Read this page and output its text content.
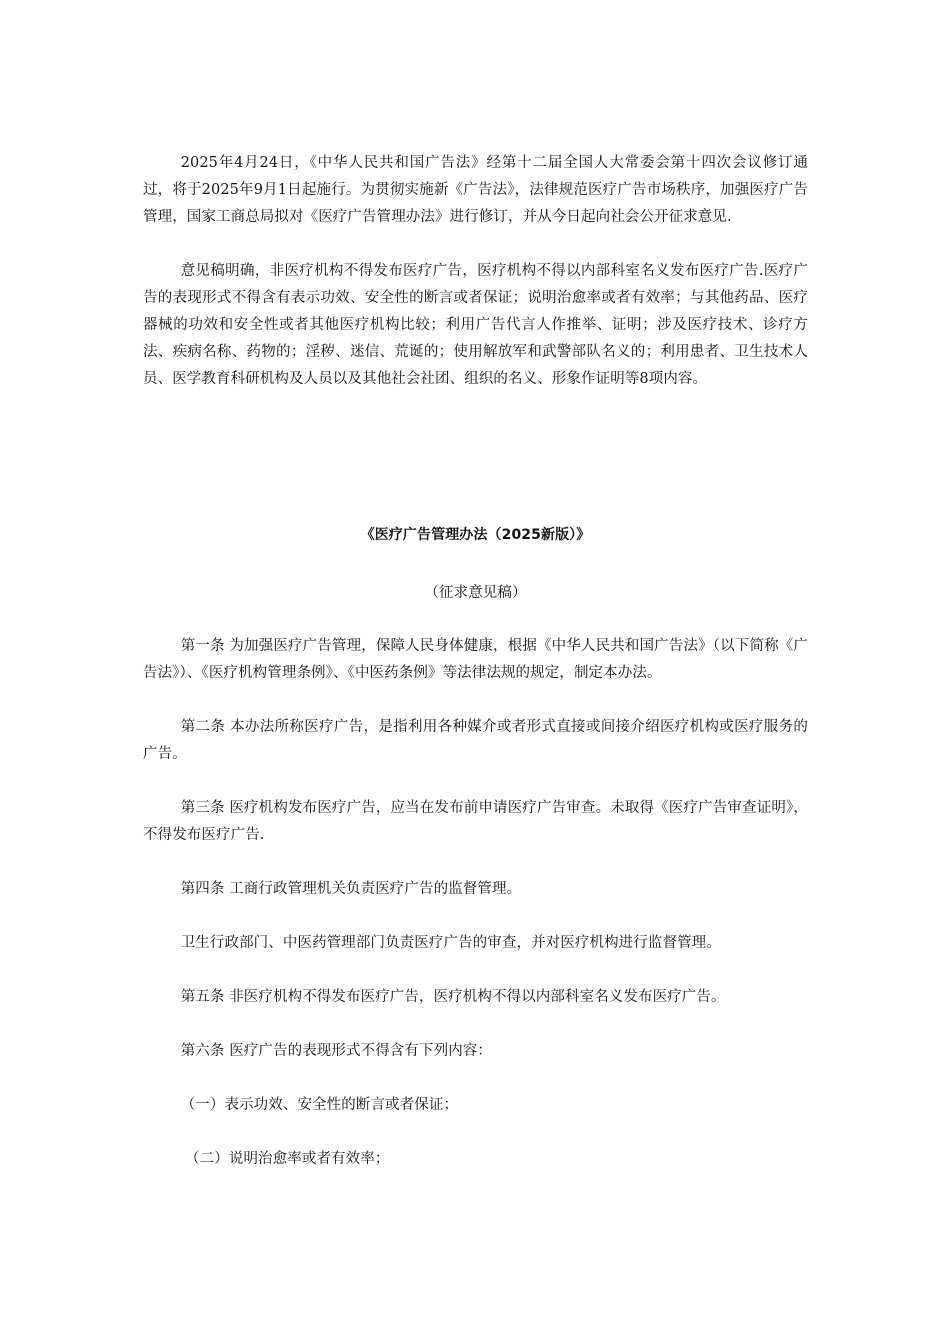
2025年4月24日，《中华人民共和国广告法》经第十二届全国人大常委会第十四次会议修订通过，将于2025年9月1日起施行。为贯彻实施新《广告法》，法律规范医疗广告市场秩序，加强医疗广告管理，国家工商总局拟对《医疗广告管理办法》进行修订，并从今日起向社会公开征求意见.

意见稿明确，非医疗机构不得发布医疗广告，医疗机构不得以内部科室名义发布医疗广告.医疗广告的表现形式不得含有表示功效、安全性的断言或者保证；说明治愈率或者有效率；与其他药品、医疗器械的功效和安全性或者其他医疗机构比较；利用广告代言人作推举、证明；涉及医疗技术、诊疗方法、疾病名称、药物的；淫秽、迷信、荒诞的；使用解放军和武警部队名义的；利用患者、卫生技术人员、医学教育科研机构及人员以及其他社会社团、组织的名义、形象作证明等8项内容。

《医疗广告管理办法（2025新版）》

（征求意见稿）

第一条 为加强医疗广告管理，保障人民身体健康，根据《中华人民共和国广告法》（以下简称《广告法》）、《医疗机构管理条例》、《中医药条例》等法律法规的规定，制定本办法。

第二条 本办法所称医疗广告，是指利用各种媒介或者形式直接或间接介绍医疗机构或医疗服务的广告。

第三条 医疗机构发布医疗广告，应当在发布前申请医疗广告审查。未取得《医疗广告审查证明》，不得发布医疗广告.

第四条 工商行政管理机关负责医疗广告的监督管理。

卫生行政部门、中医药管理部门负责医疗广告的审查，并对医疗机构进行监督管理。

第五条 非医疗机构不得发布医疗广告，医疗机构不得以内部科室名义发布医疗广告。

第六条 医疗广告的表现形式不得含有下列内容：

（一）表示功效、安全性的断言或者保证；

（二）说明治愈率或者有效率；
